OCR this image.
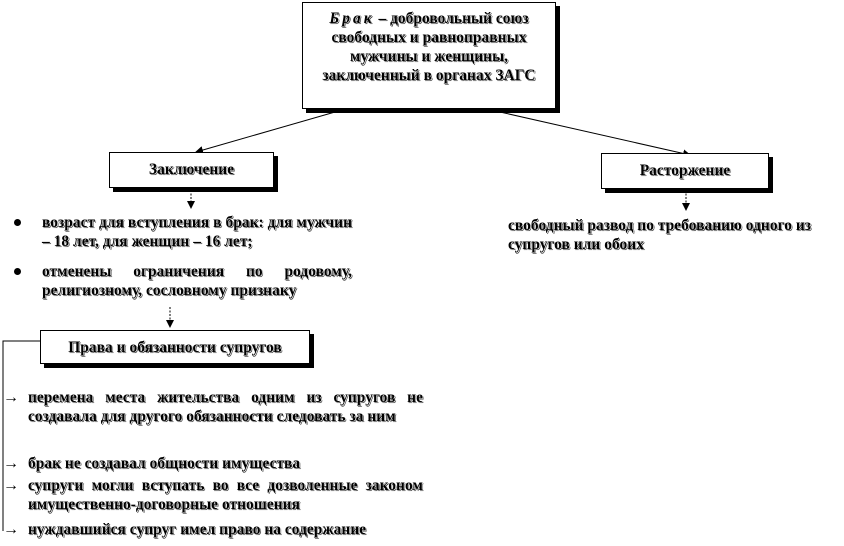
Брак – добровольный союз свободных и равноправных мужчины и женщины, заключенный в органах ЗАГС
Заключение	Расторжение
возраст для вступления в брак: для мужчин – 18 лет, для женщин – 16 лет;
отменены ограничения по родовому, религиозному, сословному признаку
свободный развод по требованию одного из супругов или обоих
Права и обязанности супругов
→ перемена места жительства одним из супругов не создавала для другого обязанности следовать за ним
→ брак не создавал общности имущества
→ супруги могли вступать во все дозволенные законом имущественно-договорные отношения
→ нуждавшийся супруг имел право на содержание
